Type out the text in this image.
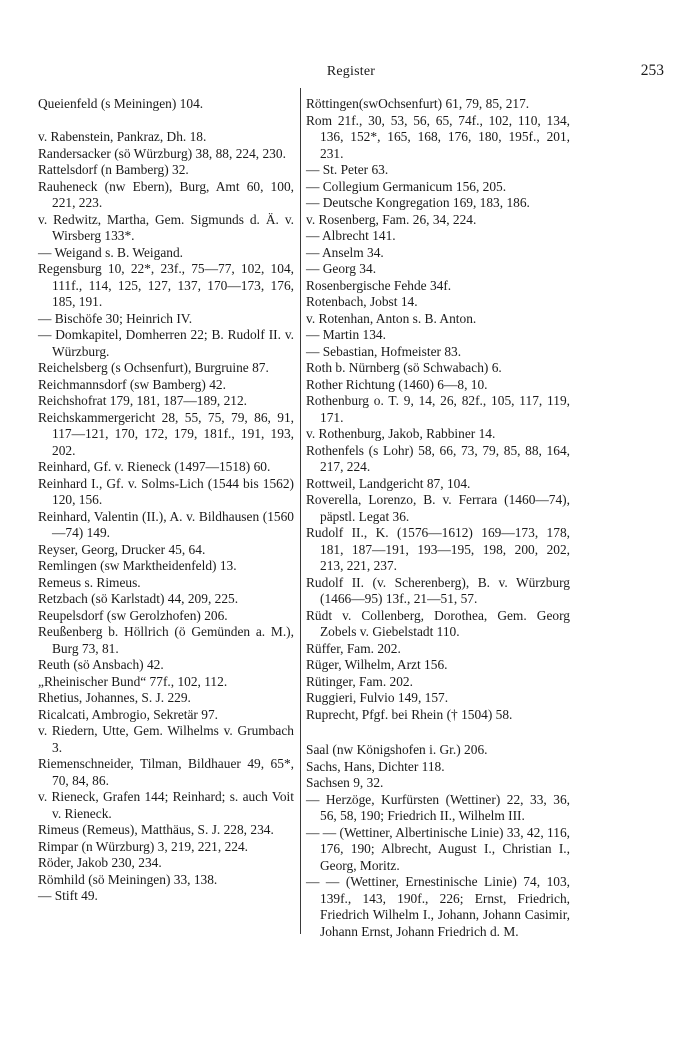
Register	253

Queienfeld (s Meiningen) 104.

v. Rabenstein, Pankraz, Dh. 18.

Randersacker (sö Würzburg) 38, 88, 224, 230.

Rattelsdorf (n Bamberg) 32.

Rauheneck (nw Ebern), Burg, Amt 60, 100, 221, 223.

v. Redwitz, Martha, Gem. Sigmunds d. Ä. v. Wirsberg 133*.

— Weigand s. B. Weigand.

Regensburg 10, 22*, 23f., 75—77, 102, 104, 111f., 114, 125, 127, 137, 170—173, 176, 185, 191.

— Bischöfe 30; Heinrich IV.

— Domkapitel, Domherren 22; B. Rudolf II. v. Würzburg.

Reichelsberg (s Ochsenfurt), Burgruine 87.

Reichmannsdorf (sw Bamberg) 42.

Reichshofrat 179, 181, 187—189, 212.

Reichskammergericht 28, 55, 75, 79, 86, 91, 117—121, 170, 172, 179, 181f., 191, 193, 202.

Reinhard, Gf. v. Rieneck (1497—1518) 60.

Reinhard I., Gf. v. Solms-Lich (1544 bis 1562) 120, 156.

Reinhard, Valentin (II.), A. v. Bildhausen (1560—74) 149.

Reyser, Georg, Drucker 45, 64.

Remlingen (sw Marktheidenfeld) 13.

Remeus s. Rimeus.

Retzbach (sö Karlstadt) 44, 209, 225.

Reupelsdorf (sw Gerolzhofen) 206.

Reußenberg b. Höllrich (ö Gemünden a. M.), Burg 73, 81.

Reuth (sö Ansbach) 42.

„Rheinischer Bund“ 77f., 102, 112.

Rhetius, Johannes, S. J. 229.

Ricalcati, Ambrogio, Sekretär 97.

v. Riedern, Utte, Gem. Wilhelms v. Grumbach 3.

Riemenschneider, Tilman, Bildhauer 49, 65*, 70, 84, 86.

v. Rieneck, Grafen 144; Reinhard; s. auch Voit v. Rieneck.

Rimeus (Remeus), Matthäus, S. J. 228, 234.

Rimpar (n Würzburg) 3, 219, 221, 224.

Röder, Jakob 230, 234.

Römhild (sö Meiningen) 33, 138.

— Stift 49.

Röttingen(swOchsenfurt) 61, 79, 85, 217.

Rom 21f., 30, 53, 56, 65, 74f., 102, 110, 134, 136, 152*, 165, 168, 176, 180, 195f., 201, 231.

— St. Peter 63.

— Collegium Germanicum 156, 205.

— Deutsche Kongregation 169, 183, 186.

v. Rosenberg, Fam. 26, 34, 224.

— Albrecht 141.

— Anselm 34.

— Georg 34.

Rosenbergische Fehde 34f.

Rotenbach, Jobst 14.

v. Rotenhan, Anton s. B. Anton.

— Martin 134.

— Sebastian, Hofmeister 83.

Roth b. Nürnberg (sö Schwabach) 6.

Rother Richtung (1460) 6—8, 10.

Rothenburg o. T. 9, 14, 26, 82f., 105, 117, 119, 171.

v. Rothenburg, Jakob, Rabbiner 14.

Rothenfels (s Lohr) 58, 66, 73, 79, 85, 88, 164, 217, 224.

Rottweil, Landgericht 87, 104.

Roverella, Lorenzo, B. v. Ferrara (1460—74), päpstl. Legat 36.

Rudolf II., K. (1576—1612) 169—173, 178, 181, 187—191, 193—195, 198, 200, 202, 213, 221, 237.

Rudolf II. (v. Scherenberg), B. v. Würzburg (1466—95) 13f., 21—51, 57.

Rüdt v. Collenberg, Dorothea, Gem. Georg Zobels v. Giebelstadt 110.

Rüffer, Fam. 202.

Rüger, Wilhelm, Arzt 156.

Rütinger, Fam. 202.

Ruggieri, Fulvio 149, 157.

Ruprecht, Pfgf. bei Rhein († 1504) 58.

Saal (nw Königshofen i. Gr.) 206.

Sachs, Hans, Dichter 118.

Sachsen 9, 32.

— Herzöge, Kurfürsten (Wettiner) 22, 33, 36, 56, 58, 190; Friedrich II., Wilhelm III.

— — (Wettiner, Albertinische Linie) 33, 42, 116, 176, 190; Albrecht, August I., Christian I., Georg, Moritz.

— — (Wettiner, Ernestinische Linie) 74, 103, 139f., 143, 190f., 226; Ernst, Friedrich, Friedrich Wilhelm I., Johann, Johann Casimir, Johann Ernst, Johann Friedrich d. M.
